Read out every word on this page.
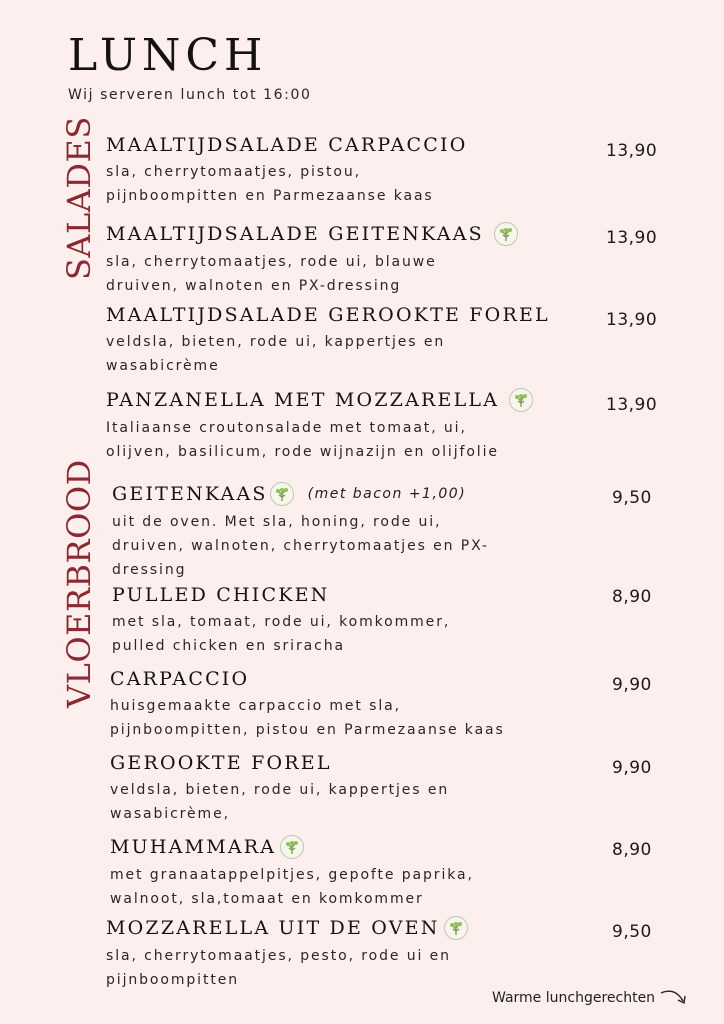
LUNCH
Wij serveren lunch tot 16:00
SALADES
VLOERBROOD
MAALTIJDSALADE CARPACCIO
sla, cherrytomaatjes, pistou,
pijnboompitten en Parmezaanse kaas
13,90
MAALTIJDSALADE GEITENKAAS
sla, cherrytomaatjes, rode ui, blauwe
druiven, walnoten en PX-dressing
13,90
MAALTIJDSALADE GEROOKTE FOREL
veldsla, bieten, rode ui, kappertjes en
wasabicrème
13,90
PANZANELLA MET MOZZARELLA
Italiaanse croutonsalade met tomaat, ui,
olijven, basilicum, rode wijnazijn en olijfolie
13,90
GEITENKAAS	(met bacon +1,00)
uit de oven. Met sla, honing, rode ui,
druiven, walnoten, cherrytomaatjes en PX-
dressing
9,50
PULLED CHICKEN
met sla, tomaat, rode ui, komkommer,
pulled chicken en sriracha
8,90
CARPACCIO
huisgemaakte carpaccio met sla,
pijnboompitten, pistou en Parmezaanse kaas
9,90
GEROOKTE FOREL
veldsla, bieten, rode ui, kappertjes en
wasabicrème,
9,90
MUHAMMARA
met granaatappelpitjes, gepofte paprika,
walnoot, sla,tomaat en komkommer
8,90
MOZZARELLA UIT DE OVEN
sla, cherrytomaatjes, pesto, rode ui en
pijnboompitten
9,50
Warme lunchgerechten
